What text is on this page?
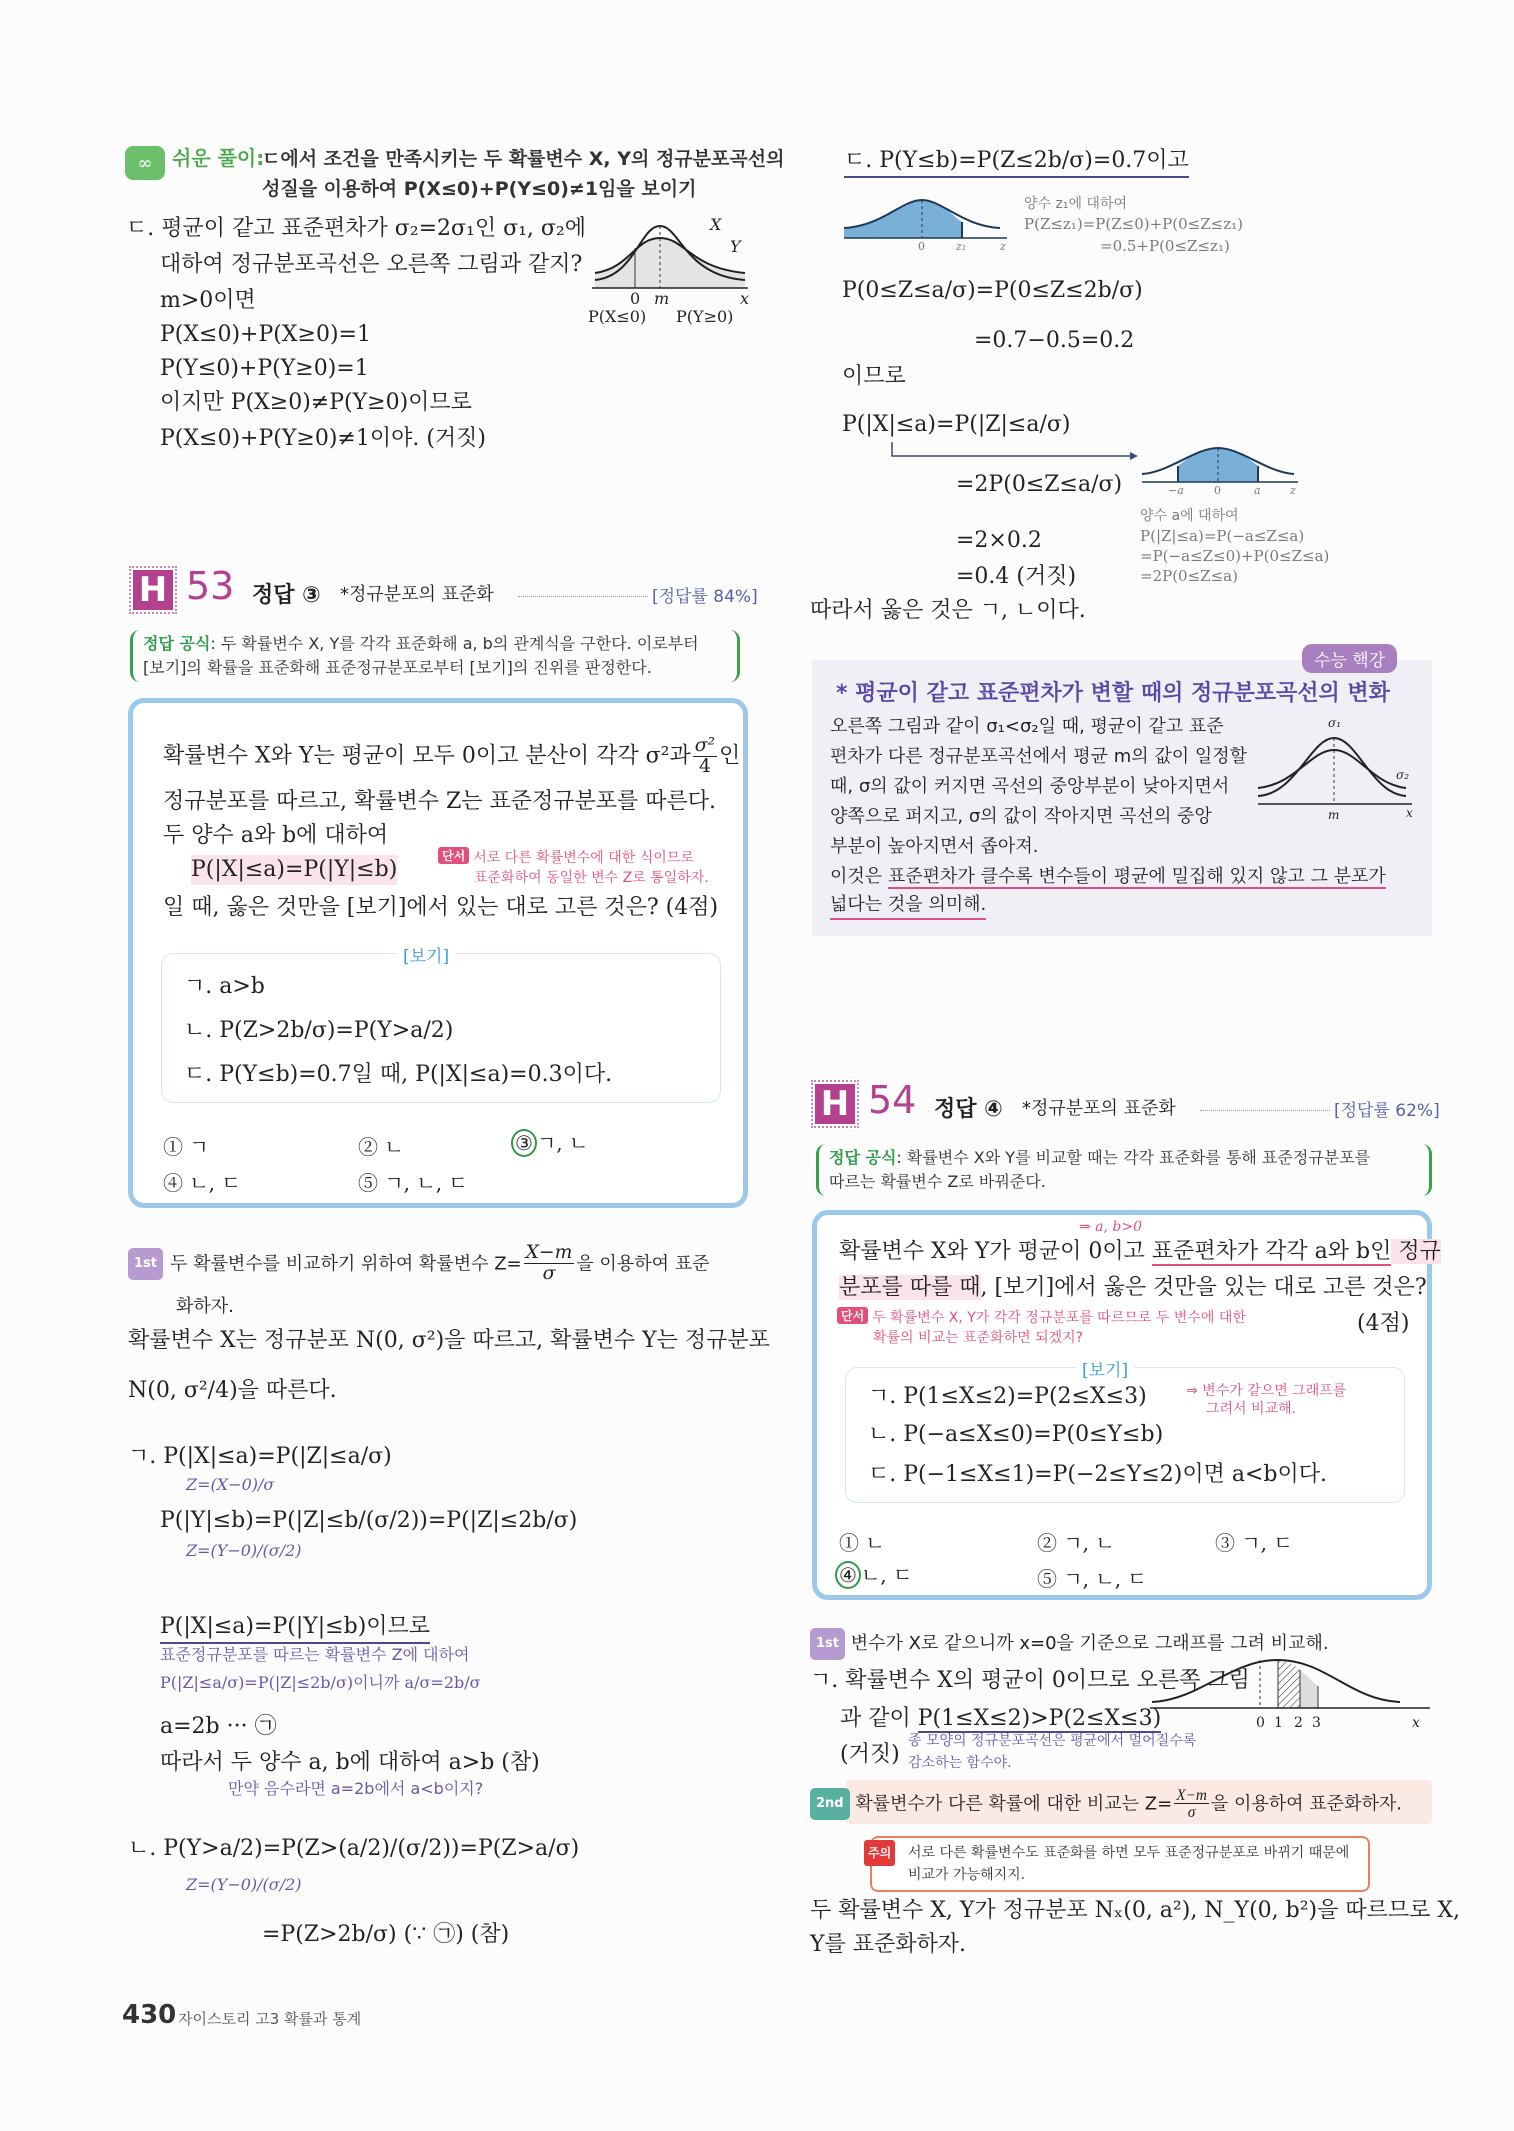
∞ 쉬운 풀이:
ㄷ에서 조건을 만족시키는 두 확률변수 X, Y의 정규분포곡선의
성질을 이용하여 P(X≤0)+P(Y≤0)≠1임을 보이기
ㄷ. 평균이 같고 표준편차가 σ₂=2σ₁인 σ₁, σ₂에
대하여 정규분포곡선은 오른쪽 그림과 같지?
m>0이면
P(X≤0)+P(X≥0)=1
P(Y≤0)+P(Y≥0)=1
이지만 P(X≥0)≠P(Y≥0)이므로
P(X≤0)+P(Y≥0)≠1이야. (거짓)
X
Y
0 m	x
P(X≤0) P(Y≥0)
H 53 정답 ③ *정규분포의 표준화	[정답률 84%]
정답 공식: 두 확률변수 X, Y를 각각 표준화해 a, b의 관계식을 구한다. 이로부터
[보기]의 확률을 표준화해 표준정규분포로부터 [보기]의 진위를 판정한다.
확률변수 X와 Y는 평균이 모두 0이고 분산이 각각 σ²과 $\frac{\text{σ²}}{4}$ 인
정규분포를 따르고, 확률변수 Z는 표준정규분포를 따른다.
두 양수 a와 b에 대하여
P(|X|≤a)=P(|Y|≤b)
단서 서로 다른 확률변수에 대한 식이므로
표준화하여 동일한 변수 Z로 통일하자.
일 때, 옳은 것만을 [보기]에서 있는 대로 고른 것은? (4점)
[보기]
ㄱ. a>b
ㄴ. P(Z>2b/σ)=P(Y>a/2)
ㄷ. P(Y≤b)=0.7일 때, P(|X|≤a)=0.3이다.
① ㄱ	② ㄴ	③ ㄱ, ㄴ
④ ㄴ, ㄷ	⑤ ㄱ, ㄴ, ㄷ
1st 두 확률변수를 비교하기 위하여 확률변수 $Z= \frac{X-m}{\sigma}$ 을 이용하여 표준
화하자.
확률변수 X는 정규분포 N(0, σ²)을 따르고, 확률변수 Y는 정규분포
N(0, σ²/4)을 따른다.
ㄱ. P(|X|≤a)=P(|Z|≤a/σ)
Z=(X−0)/σ
P(|Y|≤b)=P(|Z|≤b/(σ/2))=P(|Z|≤2b/σ)
Z=(Y−0)/(σ/2)
P(|X|≤a)=P(|Y|≤b)이므로
표준정규분포를 따르는 확률변수 Z에 대하여
P(|Z|≤a/σ)=P(|Z|≤2b/σ)이니까 a/σ=2b/σ
a=2b ··· ㉠
따라서 두 양수 a, b에 대하여 a>b (참)
만약 음수라면 a=2b에서 a<b이지?
ㄴ. P(Y>a/2)=P(Z>(a/2)/(σ/2))=P(Z>a/σ)
Z=(Y−0)/(σ/2)
=P(Z>2b/σ) (∵ ㉠) (참)
430 자이스토리 고3 확률과 통계
ㄷ. P(Y≤b)=P(Z≤2b/σ)=0.7이고
0	z₁	z
양수 z₁에 대하여
P(Z≤z₁)=P(Z≤0)+P(0≤Z≤z₁)
=0.5+P(0≤Z≤z₁)
P(0≤Z≤a/σ)=P(0≤Z≤2b/σ)
=0.7−0.5=0.2
이므로
P(|X|≤a)=P(|Z|≤a/σ)
=2P(0≤Z≤a/σ)
=2×0.2
=0.4 (거짓)
−a	0	a	z
양수 a에 대하여
P(|Z|≤a)=P(−a≤Z≤a)
=P(−a≤Z≤0)+P(0≤Z≤a)
=2P(0≤Z≤a)
따라서 옳은 것은 ㄱ, ㄴ이다.
수능 핵강
* 평균이 같고 표준편차가 변할 때의 정규분포곡선의 변화
오른쪽 그림과 같이 σ₁<σ₂일 때, 평균이 같고 표준
편차가 다른 정규분포곡선에서 평균 m의 값이 일정할
때, σ의 값이 커지면 곡선의 중앙부분이 낮아지면서
양쪽으로 퍼지고, σ의 값이 작아지면 곡선의 중앙
부분이 높아지면서 좁아져.
이것은 표준편차가 클수록 변수들이 평균에 밀집해 있지 않고 그 분포가
넓다는 것을 의미해.
σ₁
σ₂
m	x
H 54 정답 ④ *정규분포의 표준화	[정답률 62%]
정답 공식: 확률변수 X와 Y를 비교할 때는 각각 표준화를 통해 표준정규분포를
따르는 확률변수 Z로 바꿔준다.
⇒ a, b>0
확률변수 X와 Y가 평균이 0이고 표준편차가 각각 a와 b인 정규
분포를 따를 때, [보기]에서 옳은 것만을 있는 대로 고른 것은?
단서 두 확률변수 X, Y가 각각 정규분포를 따르므로 두 변수에 대한
확률의 비교는 표준화하면 되겠지?
(4점)
[보기]
ㄱ. P(1≤X≤2)=P(2≤X≤3)
ㄴ. P(−a≤X≤0)=P(0≤Y≤b)
ㄷ. P(−1≤X≤1)=P(−2≤Y≤2)이면 a<b이다.
⇒ 변수가 같으면 그래프를
그려서 비교해.
① ㄴ	② ㄱ, ㄴ	③ ㄱ, ㄷ
④ ㄴ, ㄷ	⑤ ㄱ, ㄴ, ㄷ
1st 변수가 X로 같으니까 x=0을 기준으로 그래프를 그려 비교해.
ㄱ. 확률변수 X의 평균이 0이므로 오른쪽 그림
과 같이 P(1≤X≤2)>P(2≤X≤3)
(거짓)
종 모양의 정규분포곡선은 평균에서 멀어질수록
감소하는 함수야.
0 1 2 3	x
2nd 확률변수가 다른 확률에 대한 비교는 $Z= \frac{X-m}{\sigma}$ 을 이용하여 표준화하자.
주의 서로 다른 확률변수도 표준화를 하면 모두 표준정규분포로 바뀌기 때문에
비교가 가능해지지.
두 확률변수 X, Y가 정규분포 Nₓ(0, a²), N_Y(0, b²)을 따르므로 X,
Y를 표준화하자.
